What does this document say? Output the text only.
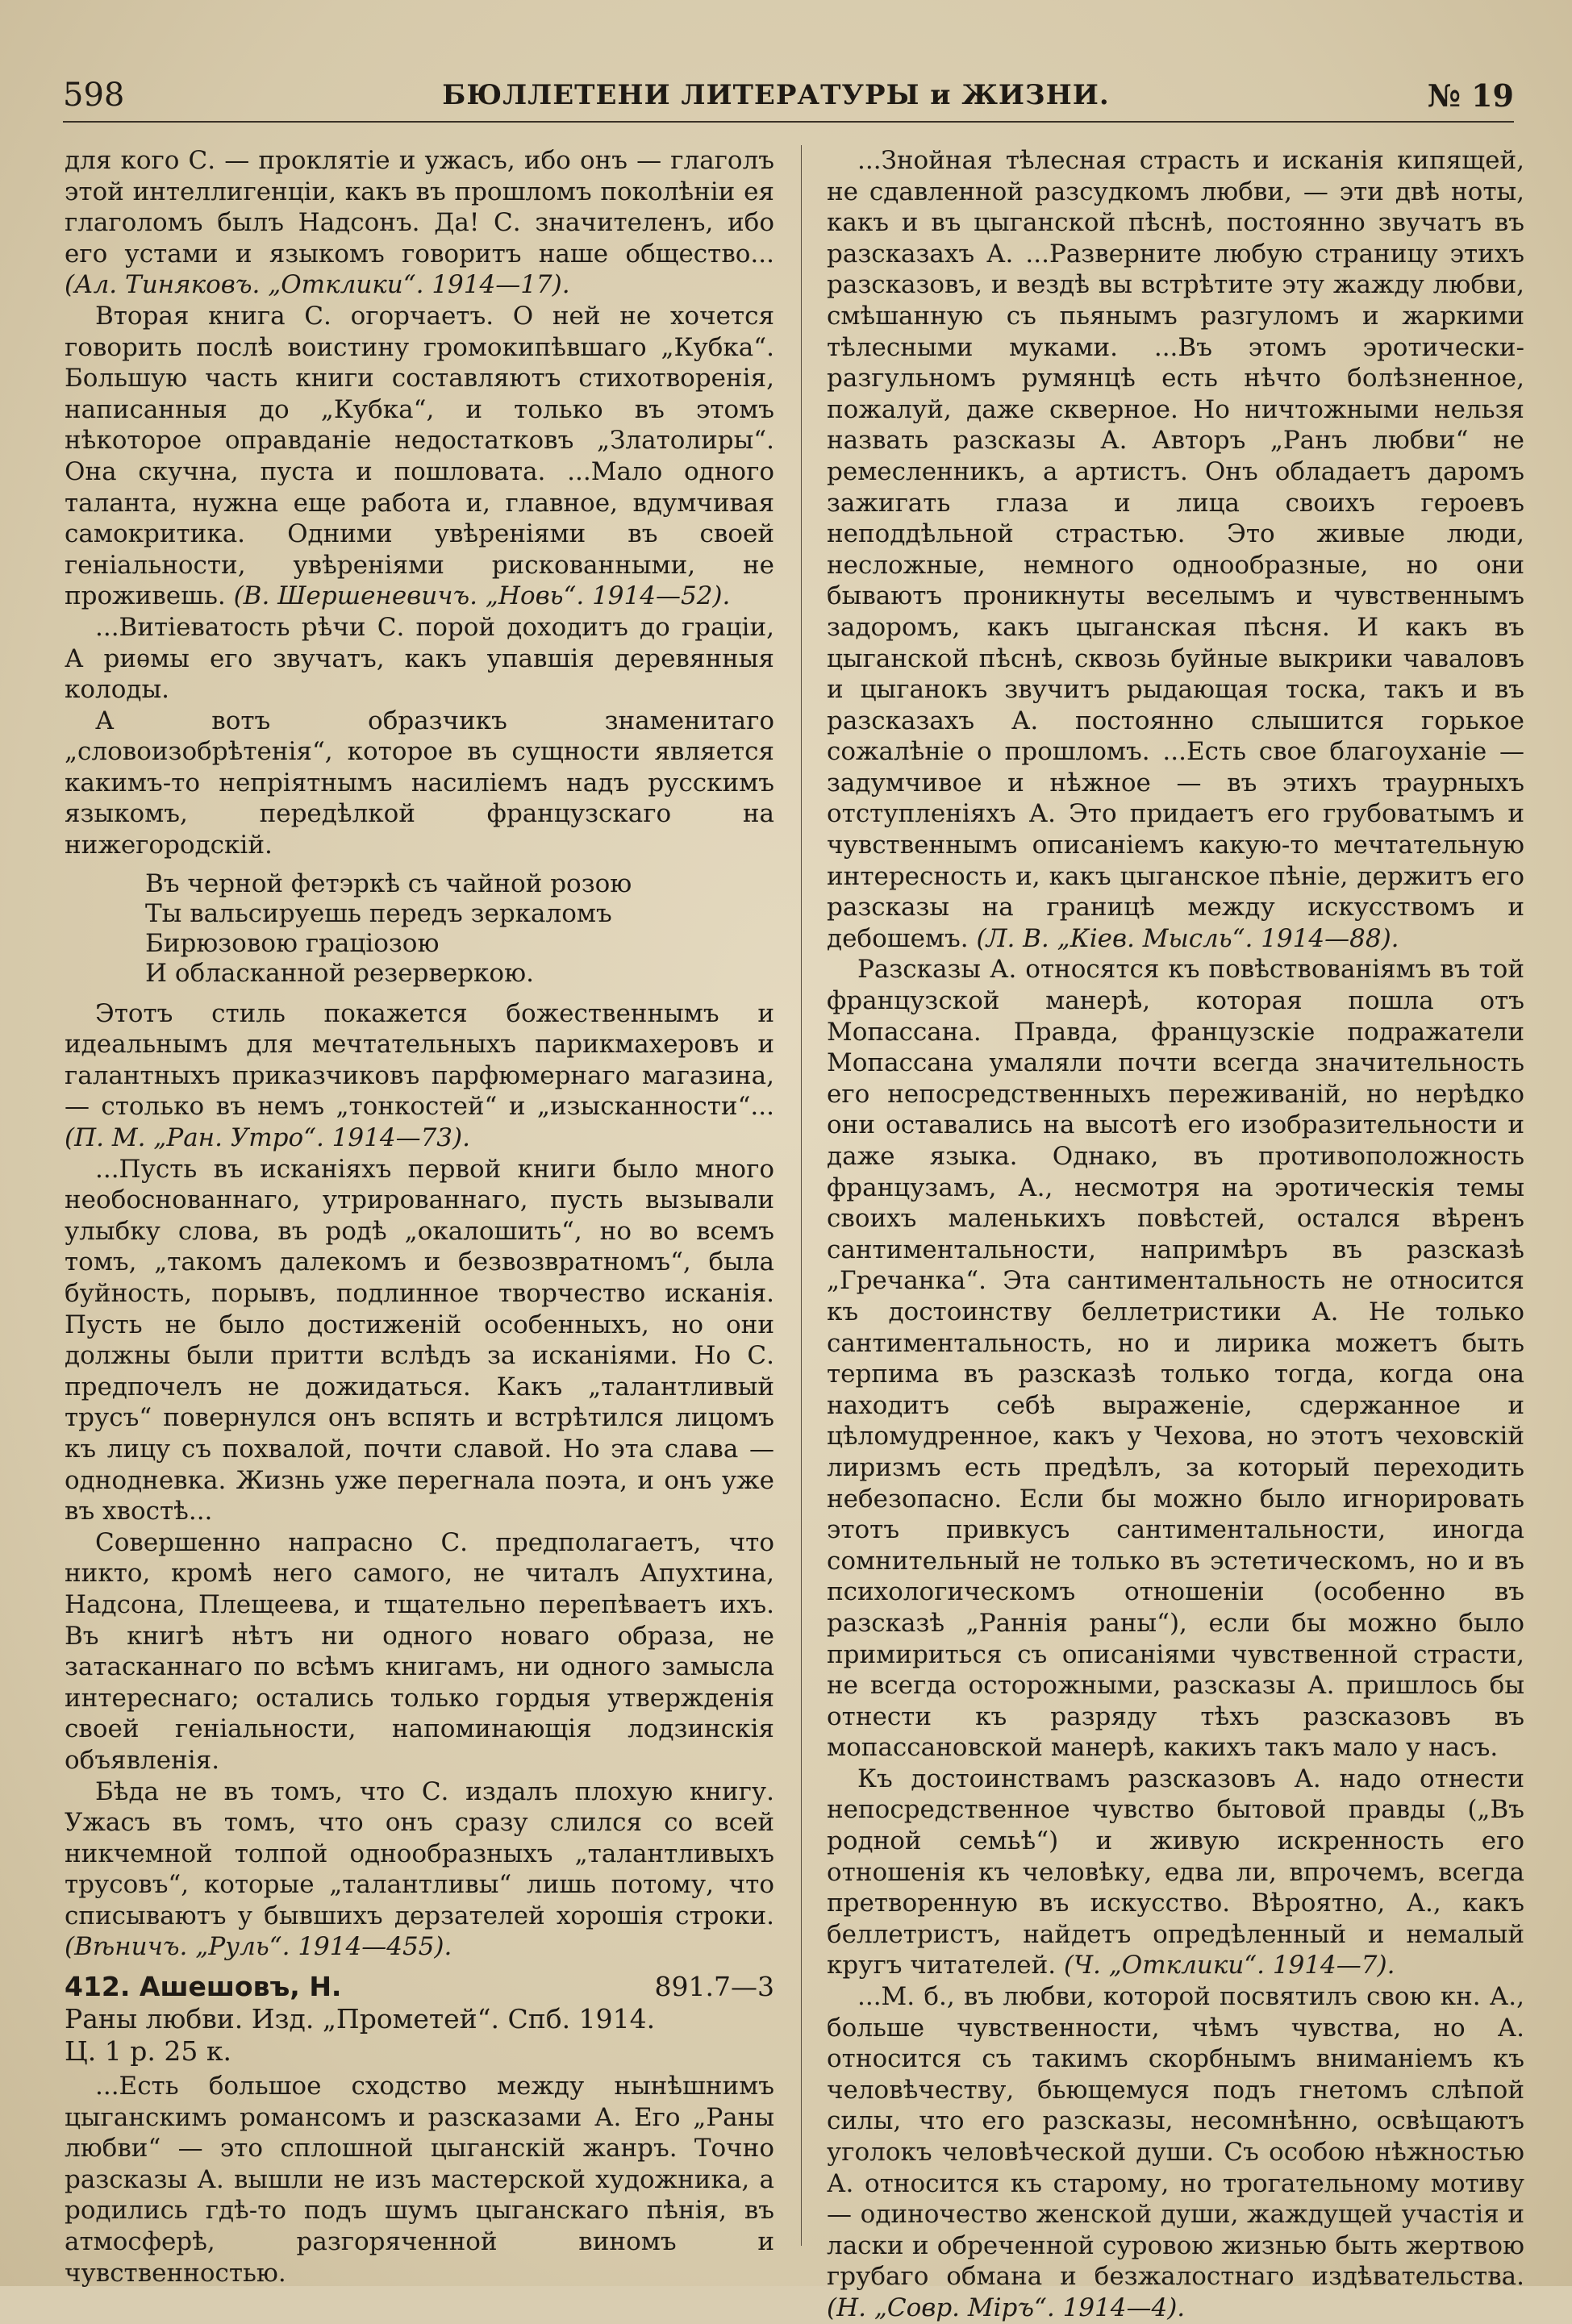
598	БЮЛЛЕТЕНИ ЛИТЕРАТУРЫ и ЖИЗНИ.	№ 19

для кого С. — проклятіе и ужасъ, ибо онъ — глаголъ этой интеллигенціи, какъ въ прошломъ поколѣніи ея глаголомъ былъ Надсонъ. Да! С. значителенъ, ибо его устами и языкомъ говоритъ наше общество... (Ал. Тиняковъ. „Отклики“. 1914—17).

Вторая книга С. огорчаетъ. О ней не хочется говорить послѣ воистину громокипѣвшаго „Кубка“. Большую часть книги составляютъ стихотворенія, написанныя до „Кубка“, и только въ этомъ нѣкоторое оправданіе недостатковъ „Златолиры“. Она скучна, пуста и пошловата. ...Мало одного таланта, нужна еще работа и, главное, вдумчивая самокритика. Одними увѣреніями въ своей геніальности, увѣреніями рискованными, не проживешь. (В. Шершеневичъ. „Новь“. 1914—52).

...Витіеватость рѣчи С. порой доходитъ до граціи, А риѳмы его звучатъ, какъ упавшія деревянныя колоды.

А вотъ образчикъ знаменитаго „словоизобрѣтенія“, которое въ сущности является какимъ-то непріятнымъ насиліемъ надъ русскимъ языкомъ, передѣлкой французскаго на нижегородскій.

Въ черной фетэркѣ съ чайной розою
Ты вальсируешь передъ зеркаломъ
Бирюзовою граціозою
И обласканной резерверкою.

Этотъ стиль покажется божественнымъ и идеальнымъ для мечтательныхъ парикмахеровъ и галантныхъ приказчиковъ парфюмернаго магазина, — столько въ немъ „тонкостей“ и „изысканности“... (П. М. „Ран. Утро“. 1914—73).

...Пусть въ исканіяхъ первой книги было много необоснованнаго, утрированнаго, пусть вызывали улыбку слова, въ родѣ „окалошить“, но во всемъ томъ, „такомъ далекомъ и безвозвратномъ“, была буйность, порывъ, подлинное творчество исканія. Пусть не было достиженій особенныхъ, но они должны были притти вслѣдъ за исканіями. Но С. предпочелъ не дожидаться. Какъ „талантливый трусъ“ повернулся онъ вспять и встрѣтился лицомъ къ лицу съ похвалой, почти славой. Но эта слава — однодневка. Жизнь уже перегнала поэта, и онъ уже въ хвостѣ...

Совершенно напрасно С. предполагаетъ, что никто, кромѣ него самого, не читалъ Апухтина, Надсона, Плещеева, и тщательно перепѣваетъ ихъ. Въ книгѣ нѣтъ ни одного новаго образа, не затасканнаго по всѣмъ книгамъ, ни одного замысла интереснаго; остались только гордыя утвержденія своей геніальности, напоминающія лодзинскія объявленія.

Бѣда не въ томъ, что С. издалъ плохую книгу. Ужасъ въ томъ, что онъ сразу слился со всей никчемной толпой однообразныхъ „талантливыхъ трусовъ“, которые „талантливы“ лишь потому, что списываютъ у бывшихъ дерзателей хорошія строки. (Вѣничъ. „Руль“. 1914—455).

412. Ашешовъ, Н.	891.7—3
Раны любви. Изд. „Прометей“. Спб. 1914.
Ц. 1 р. 25 к.

...Есть большое сходство между нынѣшнимъ цыганскимъ романсомъ и разсказами А. Его „Раны любви“ — это сплошной цыганскій жанръ. Точно разсказы А. вышли не изъ мастерской художника, а родились гдѣ-то подъ шумъ цыганскаго пѣнія, въ атмосферѣ, разгоряченной виномъ и чувственностью.

...Знойная тѣлесная страсть и исканія кипящей, не сдавленной разсудкомъ любви, — эти двѣ ноты, какъ и въ цыганской пѣснѣ, постоянно звучатъ въ разсказахъ А. ...Разверните любую страницу этихъ разсказовъ, и вездѣ вы встрѣтите эту жажду любви, смѣшанную съ пьянымъ разгуломъ и жаркими тѣлесными муками. ...Въ этомъ эротически-разгульномъ румянцѣ есть нѣчто болѣзненное, пожалуй, даже скверное. Но ничтожными нельзя назвать разсказы А. Авторъ „Ранъ любви“ не ремесленникъ, а артистъ. Онъ обладаетъ даромъ зажигать глаза и лица своихъ героевъ неподдѣльной страстью. Это живые люди, несложные, немного однообразные, но они бываютъ проникнуты веселымъ и чувственнымъ задоромъ, какъ цыганская пѣсня. И какъ въ цыганской пѣснѣ, сквозь буйные выкрики чаваловъ и цыганокъ звучитъ рыдающая тоска, такъ и въ разсказахъ А. постоянно слышится горькое сожалѣніе о прошломъ. ...Есть свое благоуханіе — задумчивое и нѣжное — въ этихъ траурныхъ отступленіяхъ А. Это придаетъ его грубоватымъ и чувственнымъ описаніемъ какую-то мечтательную интересность и, какъ цыганское пѣніе, держитъ его разсказы на границѣ между искусствомъ и дебошемъ. (Л. В. „Кіев. Мысль“. 1914—88).

Разсказы А. относятся къ повѣствованіямъ въ той французской манерѣ, которая пошла отъ Мопассана. Правда, французскіе подражатели Мопассана умаляли почти всегда значительность его непосредственныхъ переживаній, но нерѣдко они оставались на высотѣ его изобразительности и даже языка. Однако, въ противоположность французамъ, А., несмотря на эротическія темы своихъ маленькихъ повѣстей, остался вѣренъ сантиментальности, напримѣръ въ разсказѣ „Гречанка“. Эта сантиментальность не относится къ достоинству беллетристики А. Не только сантиментальность, но и лирика можетъ быть терпима въ разсказѣ только тогда, когда она находитъ себѣ выраженіе, сдержанное и цѣломудренное, какъ у Чехова, но этотъ чеховскій лиризмъ есть предѣлъ, за который переходить небезопасно. Если бы можно было игнорировать этотъ привкусъ сантиментальности, иногда сомнительный не только въ эстетическомъ, но и въ психологическомъ отношеніи (особенно въ разсказѣ „Раннія раны“), если бы можно было примириться съ описаніями чувственной страсти, не всегда осторожными, разсказы А. пришлось бы отнести къ разряду тѣхъ разсказовъ въ мопассановской манерѣ, какихъ такъ мало у насъ.

Къ достоинствамъ разсказовъ А. надо отнести непосредственное чувство бытовой правды („Въ родной семьѣ“) и живую искренность его отношенія къ человѣку, едва ли, впрочемъ, всегда претворенную въ искусство. Вѣроятно, А., какъ беллетристъ, найдетъ опредѣленный и немалый кругъ читателей. (Ч. „Отклики“. 1914—7).

...М. б., въ любви, которой посвятилъ свою кн. А., больше чувственности, чѣмъ чувства, но А. относится съ такимъ скорбнымъ вниманіемъ къ человѣчеству, бьющемуся подъ гнетомъ слѣпой силы, что его разсказы, несомнѣнно, освѣщаютъ уголокъ человѣческой души. Съ особою нѣжностью А. относится къ старому, но трогательному мотиву — одиночество женской души, жаждущей участія и ласки и обреченной суровою жизнью быть жертвою грубаго обмана и безжалостнаго издѣвательства. (Н. „Совр. Міръ“. 1914—4).
